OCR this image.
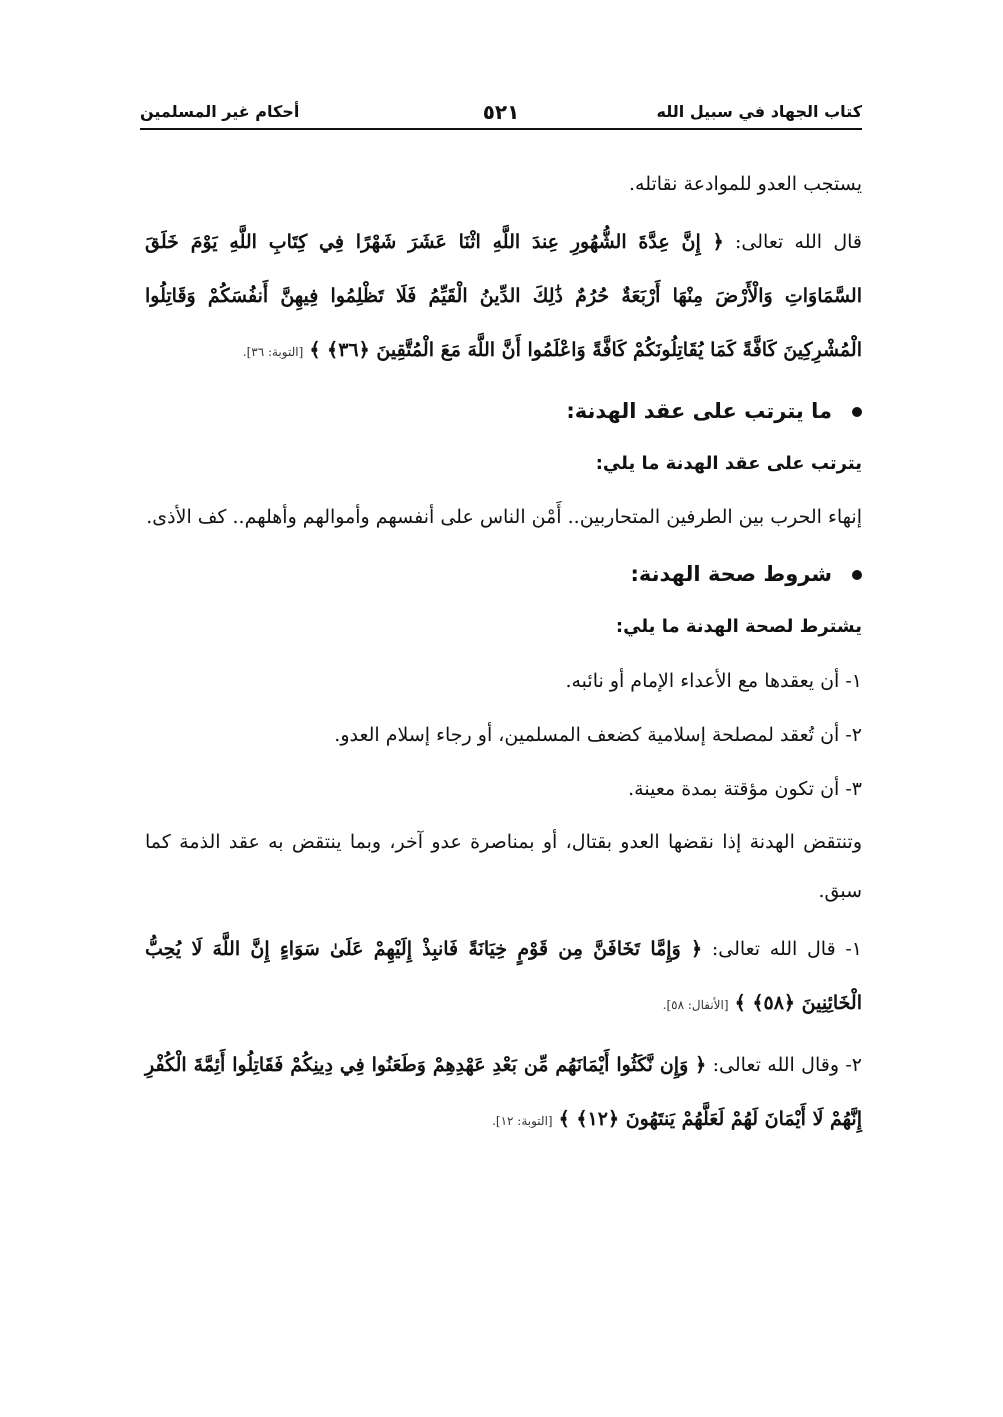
كتاب الجهاد في سبيل الله
٥٢١
أحكام غير المسلمين

يستجب العدو للموادعة نقاتله.

قال الله تعالى: ﴿ إِنَّ عِدَّةَ الشُّهُورِ عِندَ اللَّهِ اثْنَا عَشَرَ شَهْرًا فِي كِتَابِ اللَّهِ يَوْمَ خَلَقَ السَّمَاوَاتِ وَالْأَرْضَ مِنْهَا أَرْبَعَةٌ حُرُمٌ ذَٰلِكَ الدِّينُ الْقَيِّمُ فَلَا تَظْلِمُوا فِيهِنَّ أَنفُسَكُمْ وَقَاتِلُوا الْمُشْرِكِينَ كَافَّةً كَمَا يُقَاتِلُونَكُمْ كَافَّةً وَاعْلَمُوا أَنَّ اللَّهَ مَعَ الْمُتَّقِينَ ﴿٣٦﴾ ﴾ [التوبة: ٣٦].

ما يترتب على عقد الهدنة:
يترتب على عقد الهدنة ما يلي:

إنهاء الحرب بين الطرفين المتحاربين.. أَمْن الناس على أنفسهم وأموالهم وأهلهم.. كف الأذى.

شروط صحة الهدنة:
يشترط لصحة الهدنة ما يلي:
١- أن يعقدها مع الأعداء الإمام أو نائبه.
٢- أن تُعقد لمصلحة إسلامية كضعف المسلمين، أو رجاء إسلام العدو.
٣- أن تكون مؤقتة بمدة معينة.

وتنتقض الهدنة إذا نقضها العدو بقتال، أو بمناصرة عدو آخر، وبما ينتقض به عقد الذمة كما سبق.

١- قال الله تعالى: ﴿ وَإِمَّا تَخَافَنَّ مِن قَوْمٍ خِيَانَةً فَانبِذْ إِلَيْهِمْ عَلَىٰ سَوَاءٍ إِنَّ اللَّهَ لَا يُحِبُّ الْخَائِنِينَ ﴿٥٨﴾ ﴾ [الأنفال: ٥٨].

٢- وقال الله تعالى: ﴿ وَإِن نَّكَثُوا أَيْمَانَهُم مِّن بَعْدِ عَهْدِهِمْ وَطَعَنُوا فِي دِينِكُمْ فَقَاتِلُوا أَئِمَّةَ الْكُفْرِ إِنَّهُمْ لَا أَيْمَانَ لَهُمْ لَعَلَّهُمْ يَنتَهُونَ ﴿١٢﴾ ﴾ [التوبة: ١٢].
